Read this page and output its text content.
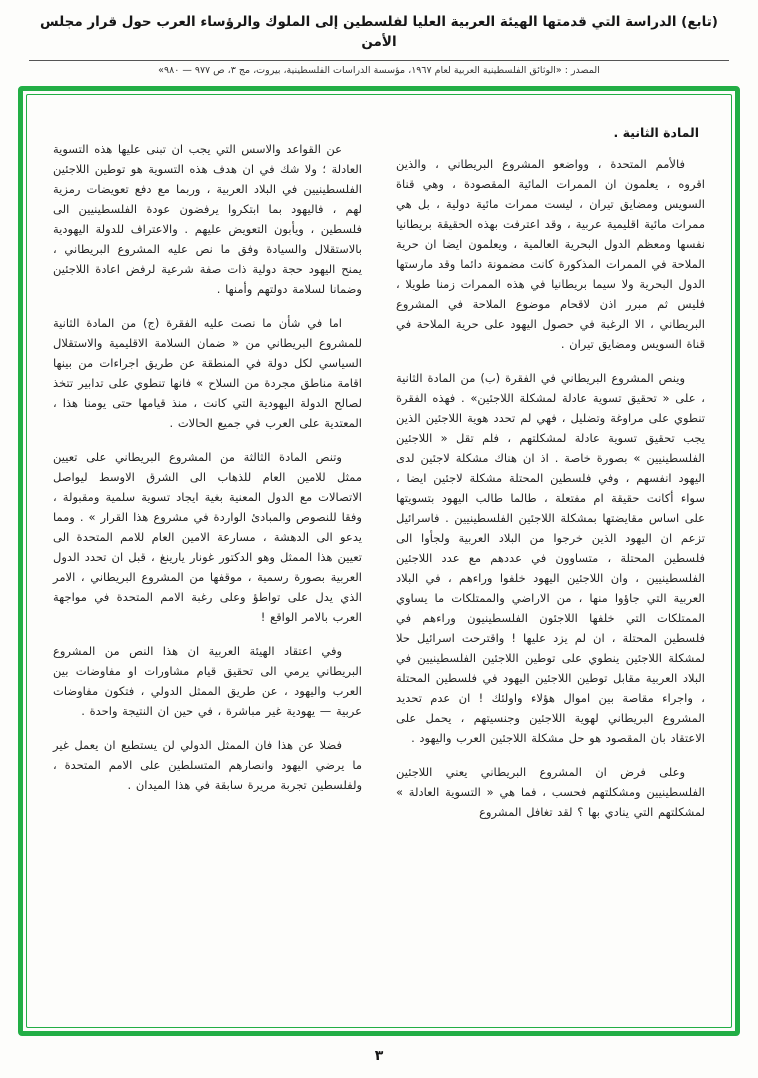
(تابع) الدراسة التي قدمتها الهيئة العربية العليا لفلسطين إلى الملوك والرؤساء العرب حول قرار مجلس الأمن
المصدر : «الوثائق الفلسطينية العربية لعام ١٩٦٧، مؤسسة الدراسات الفلسطينية، بيروت، مج ٣، ص ٩٧٧ — ٩٨٠»
المادة الثانية .

فالأمم المتحدة ، وواضعو المشروع البريطاني ، والذين اقروه ، يعلمون ان الممرات المائية المقصودة ، وهي قناة السويس ومضايق تيران ، ليست ممرات مائية دولية ، بل هي ممرات مائية اقليمية عربية ، وقد اعترفت بهذه الحقيقة بريطانيا نفسها ومعظم الدول البحرية العالمية ، ويعلمون ايضا ان حرية الملاحة في الممرات المذكورة كانت مضمونة دائما وقد مارستها الدول البحرية ولا سيما بريطانيا في هذه الممرات زمنا طويلا ، فليس ثم مبرر اذن لاقحام موضوع الملاحة في المشروع البريطاني ، الا الرغبة في حصول اليهود على حرية الملاحة في قناة السويس ومضايق تيران .

وينص المشروع البريطاني في الفقرة (ب) من المادة الثانية ، على « تحقيق تسوية عادلة لمشكلة اللاجئين» . فهذه الفقرة تنطوي على مراوغة وتضليل ، فهي لم تحدد هوية اللاجئين الذين يجب تحقيق تسوية عادلة لمشكلتهم ، فلم تقل « اللاجئين الفلسطينيين » بصورة خاصة . اذ ان هناك مشكلة لاجئين لدى اليهود انفسهم ، وفي فلسطين المحتلة مشكلة لاجئين ايضا ، سواء أكانت حقيقة ام مفتعلة ، طالما طالب اليهود بتسويتها على اساس مقايضتها بمشكلة اللاجئين الفلسطينيين . فاسرائيل تزعم ان اليهود الذين خرجوا من البلاد العربية ولجأوا الى فلسطين المحتلة ، متساوون في عددهم مع عدد اللاجئين الفلسطينيين ، وان اللاجئين اليهود خلفوا وراءهم ، في البلاد العربية التي جاؤوا منها ، من الاراضي والممتلكات ما يساوي الممتلكات التي خلفها اللاجئون الفلسطينيون وراءهم في فلسطين المحتلة ، ان لم يزد عليها ! واقترحت اسرائيل حلا لمشكلة اللاجئين ينطوي على توطين اللاجئين الفلسطينيين في البلاد العربية مقابل توطين اللاجئين اليهود في فلسطين المحتلة ، واجراء مقاصة بين اموال هؤلاء واولئك ! ان عدم تحديد المشروع البريطاني لهوية اللاجئين وجنسيتهم ، يحمل على الاعتقاد بان المقصود هو حل مشكلة اللاجئين العرب واليهود .

وعلى فرض ان المشروع البريطاني يعني اللاجئين الفلسطينيين ومشكلتهم فحسب ، فما هي « التسوية العادلة » لمشكلتهم التي ينادي بها ؟ لقد تغافل المشروع

عن القواعد والاسس التي يجب ان تبنى عليها هذه التسوية العادلة ؛ ولا شك في ان هدف هذه التسوية هو توطين اللاجئين الفلسطينيين في البلاد العربية ، وربما مع دفع تعويضات رمزية لهم ، فاليهود بما ابتكروا يرفضون عودة الفلسطينيين الى فلسطين ، ويأبون التعويض عليهم . والاعتراف للدولة اليهودية بالاستقلال والسيادة وفق ما نص عليه المشروع البريطاني ، يمنح اليهود حجة دولية ذات صفة شرعية لرفض اعادة اللاجئين وضمانا لسلامة دولتهم وأمنها .

اما في شأن ما نصت عليه الفقرة (ج) من المادة الثانية للمشروع البريطاني من « ضمان السلامة الاقليمية والاستقلال السياسي لكل دولة في المنطقة عن طريق اجراءات من بينها اقامة مناطق مجردة من السلاح » فانها تنطوي على تدابير تتخذ لصالح الدولة اليهودية التي كانت ، منذ قيامها حتى يومنا هذا ، المعتدية على العرب في جميع الحالات .

وتنص المادة الثالثة من المشروع البريطاني على تعيين ممثل للامين العام للذهاب الى الشرق الاوسط ليواصل الاتصالات مع الدول المعنية بغية ايجاد تسوية سلمية ومقبولة ، وفقا للنصوص والمبادئ الواردة في مشروع هذا القرار » . ومما يدعو الى الدهشة ، مسارعة الامين العام للامم المتحدة الى تعيين هذا الممثل وهو الدكتور غونار يارينغ ، قبل ان تحدد الدول العربية بصورة رسمية ، موقفها من المشروع البريطاني ، الامر الذي يدل على تواطؤ وعلى رغبة الامم المتحدة في مواجهة العرب بالامر الواقع !

وفي اعتقاد الهيئة العربية ان هذا النص من المشروع البريطاني يرمي الى تحقيق قيام مشاورات او مفاوضات بين العرب واليهود ، عن طريق الممثل الدولي ، فتكون مفاوضات عربية — يهودية غير مباشرة ، في حين ان النتيجة واحدة .

فضلا عن هذا فان الممثل الدولي لن يستطيع ان يعمل غير ما يرضي اليهود وانصارهم المتسلطين على الامم المتحدة ، ولفلسطين تجربة مريرة سابقة في هذا الميدان .

٣
